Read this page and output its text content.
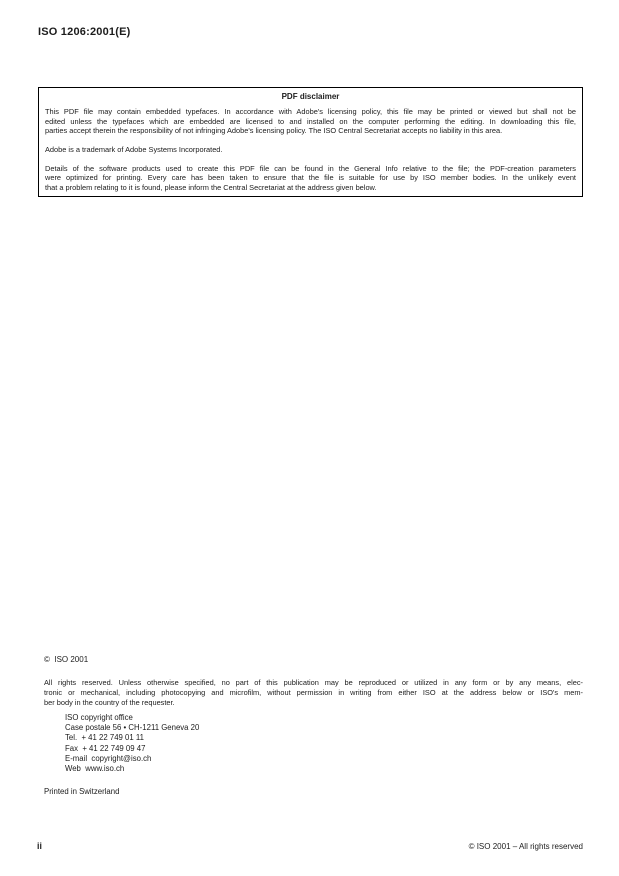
ISO 1206:2001(E)
PDF disclaimer
This PDF file may contain embedded typefaces. In accordance with Adobe's licensing policy, this file may be printed or viewed but shall not be
edited unless the typefaces which are embedded are licensed to and installed on the computer performing the editing. In downloading this file,
parties accept therein the responsibility of not infringing Adobe's licensing policy. The ISO Central Secretariat accepts no liability in this area.
Adobe is a trademark of Adobe Systems Incorporated.
Details of the software products used to create this PDF file can be found in the General Info relative to the file; the PDF-creation parameters
were optimized for printing. Every care has been taken to ensure that the file is suitable for use by ISO member bodies. In the unlikely event
that a problem relating to it is found, please inform the Central Secretariat at the address given below.
©  ISO 2001
All rights reserved. Unless otherwise specified, no part of this publication may be reproduced or utilized in any form or by any means, elec-
tronic or mechanical, including photocopying and microfilm, without permission in writing from either ISO at the address below or ISO's mem-
ber body in the country of the requester.
ISO copyright office
Case postale 56 • CH-1211 Geneva 20
Tel.  + 41 22 749 01 11
Fax  + 41 22 749 09 47
E-mail  copyright@iso.ch
Web  www.iso.ch
Printed in Switzerland
ii	© ISO 2001 – All rights reserved
